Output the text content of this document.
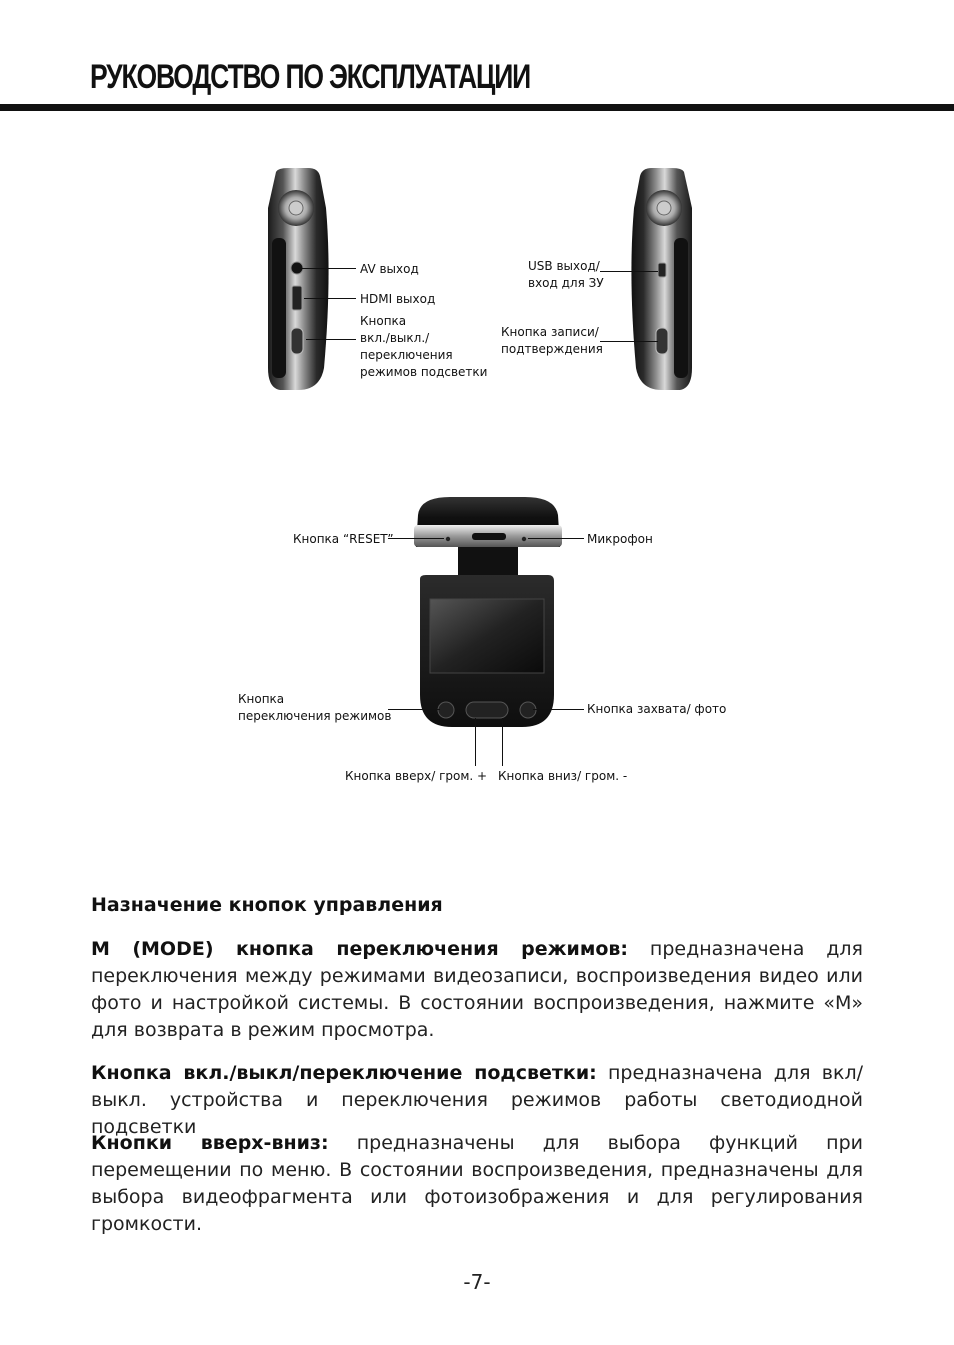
РУКОВОДСТВО ПО ЭКСПЛУАТАЦИИ
AV выход
HDMI выход
Кнопка
вкл./выкл./
переключения
режимов подсветки
USB выход/
вход для ЗУ
Кнопка записи/
подтверждения
Кнопка “RESET”	Микрофон
Кнопка
переключения режимов	Кнопка захвата/ фото
Кнопка вверх/ гром. + Кнопка вниз/ гром. -
Назначение кнопок управления
M (MODE) кнопка переключения режимов: предназначена для переключения между режимами видеозаписи, воспроизведения видео или фото и настройкой системы. В состоянии воспроизведения, нажмите «М» для возврата в режим просмотра.
Кнопка вкл./выкл/переключение подсветки: предназначена для вкл/выкл. устройства и переключения режимов работы светодиодной подсветки
Кнопки вверх-вниз: предназначены для выбора функций при перемещении по меню. В состоянии воспроизведения, предназначены для выбора видеофрагмента или фотоизображения и для регулирования громкости.
-7-
